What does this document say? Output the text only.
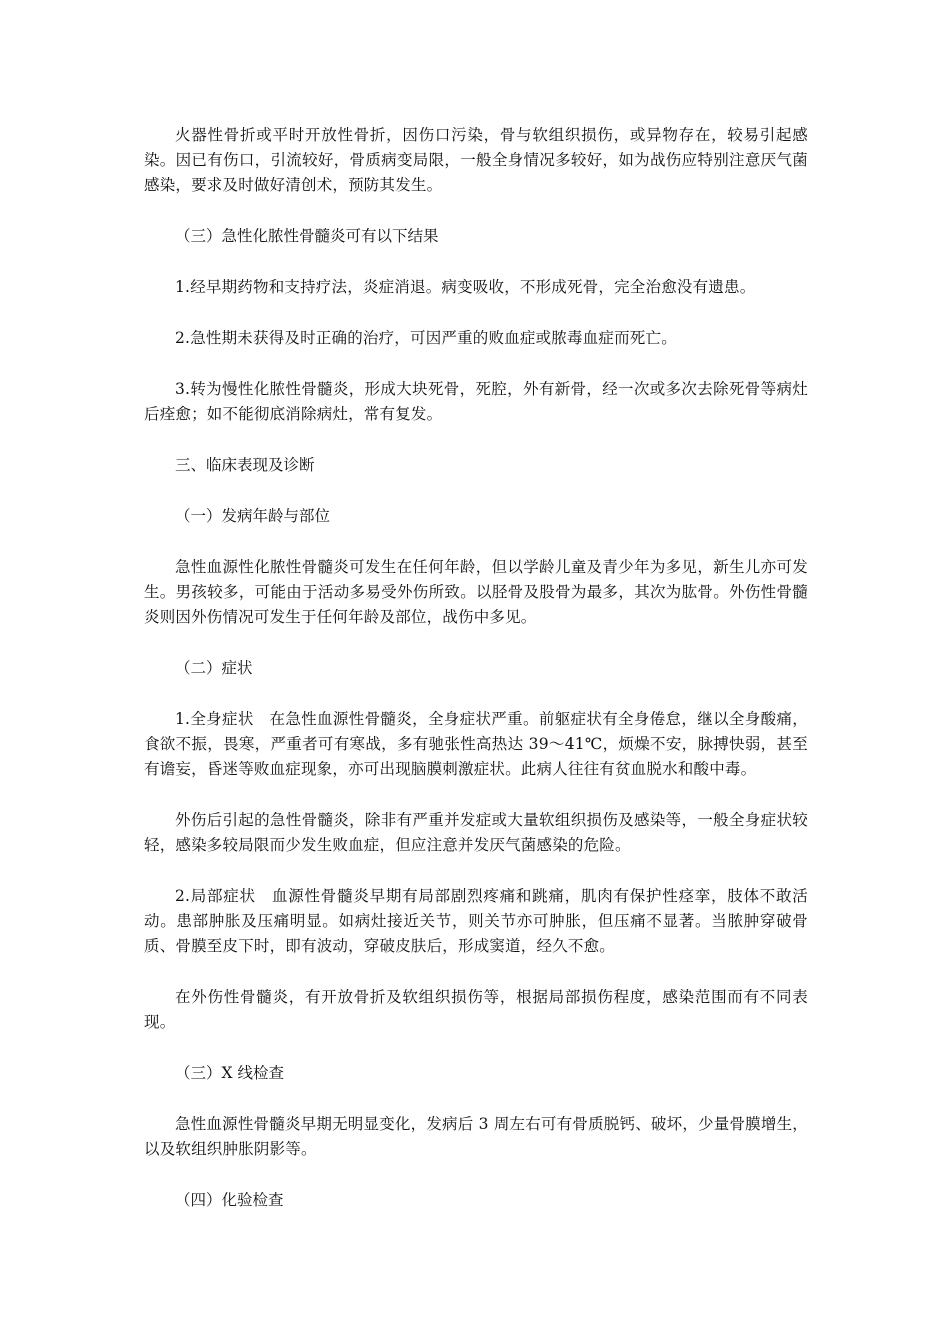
火器性骨折或平时开放性骨折，因伤口污染，骨与软组织损伤，或异物存在，较易引起感染。因已有伤口，引流较好，骨质病变局限，一般全身情况多较好，如为战伤应特别注意厌气菌感染，要求及时做好清创术，预防其发生。

（三）急性化脓性骨髓炎可有以下结果

1.经早期药物和支持疗法，炎症消退。病变吸收，不形成死骨，完全治愈没有遗患。

2.急性期未获得及时正确的治疗，可因严重的败血症或脓毒血症而死亡。

3.转为慢性化脓性骨髓炎，形成大块死骨，死腔，外有新骨，经一次或多次去除死骨等病灶后痊愈；如不能彻底消除病灶，常有复发。

三、临床表现及诊断

（一）发病年龄与部位

急性血源性化脓性骨髓炎可发生在任何年龄，但以学龄儿童及青少年为多见，新生儿亦可发生。男孩较多，可能由于活动多易受外伤所致。以胫骨及股骨为最多，其次为肱骨。外伤性骨髓炎则因外伤情况可发生于任何年龄及部位，战伤中多见。

（二）症状

1.全身症状　在急性血源性骨髓炎，全身症状严重。前躯症状有全身倦怠，继以全身酸痛，食欲不振，畏寒，严重者可有寒战，多有驰张性高热达 39～41℃，烦燥不安，脉搏快弱，甚至有谵妄，昏迷等败血症现象，亦可出现脑膜刺激症状。此病人往往有贫血脱水和酸中毒。

外伤后引起的急性骨髓炎，除非有严重并发症或大量软组织损伤及感染等，一般全身症状较轻，感染多较局限而少发生败血症，但应注意并发厌气菌感染的危险。

2.局部症状　血源性骨髓炎早期有局部剧烈疼痛和跳痛，肌肉有保护性痉挛，肢体不敢活动。患部肿胀及压痛明显。如病灶接近关节，则关节亦可肿胀，但压痛不显著。当脓肿穿破骨质、骨膜至皮下时，即有波动，穿破皮肤后，形成窦道，经久不愈。

在外伤性骨髓炎，有开放骨折及软组织损伤等，根据局部损伤程度，感染范围而有不同表现。

（三）X 线检查

急性血源性骨髓炎早期无明显变化，发病后 3 周左右可有骨质脱钙、破坏，少量骨膜增生，以及软组织肿胀阴影等。

（四）化验检查
